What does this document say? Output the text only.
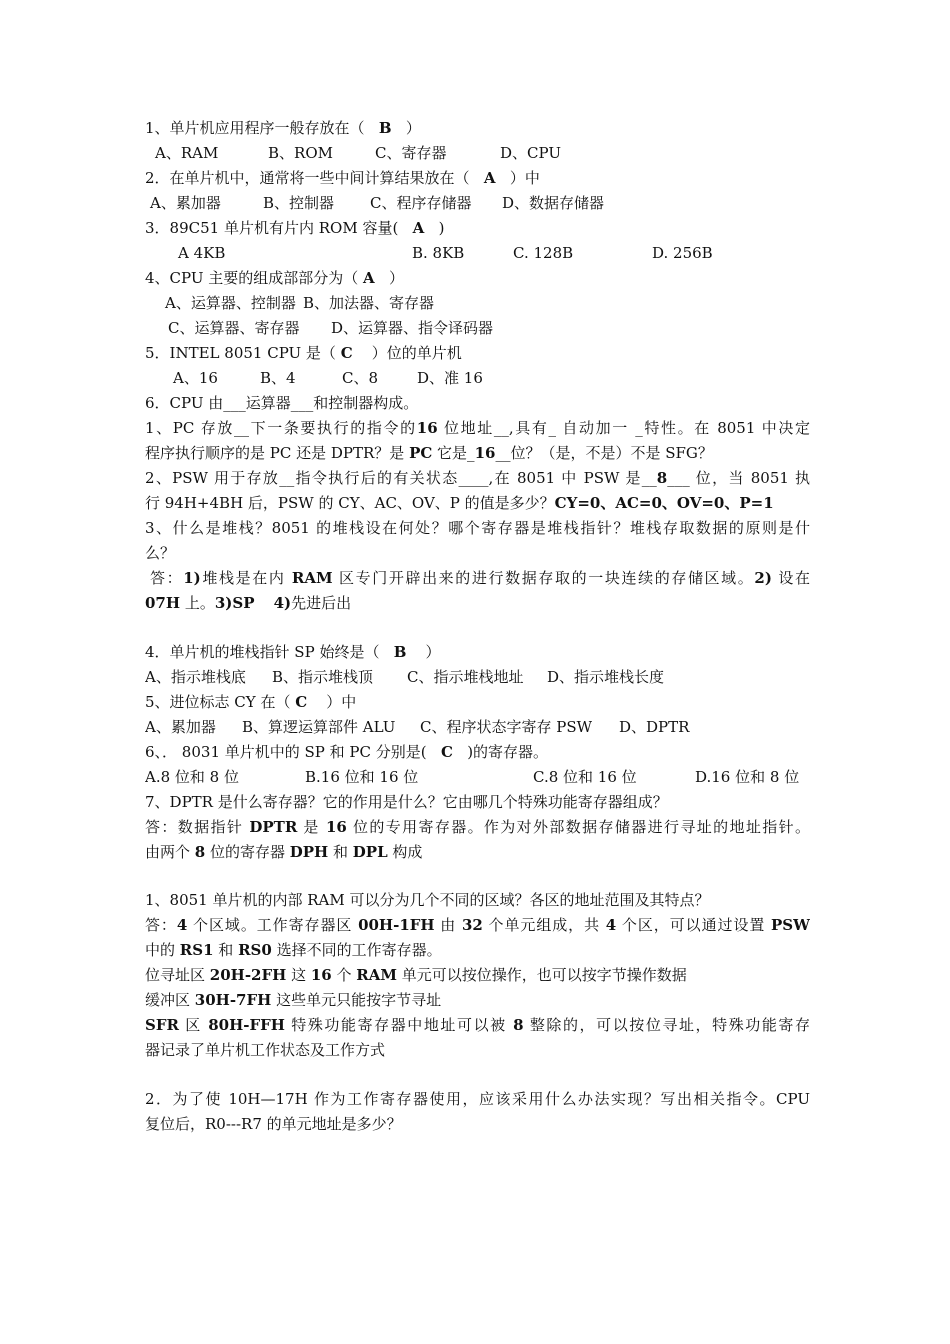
1、单片机应用程序一般存放在（ B ）
A、RAM	B、ROM	C、寄存器	D、CPU
2．在单片机中，通常将一些中间计算结果放在（ A ）中
A、累加器	B、控制器 C、程序存储器 D、数据存储器
3．89C51 单片机有片内 ROM 容量( A )
A 4KB	B. 8KB	C. 128B	D. 256B
4、CPU 主要的组成部部分为（ A ）
A、运算器、控制器 B、加法器、寄存器
C、运算器、寄存器 D、运算器、指令译码器
5．INTEL 8051 CPU 是（ C ）位的单片机
A、16	B、4	C、8	D、准 16
6．CPU 由___运算器___和控制器构成。
1、PC 存放__下一条要执行的指令的16 位地址__,具有_ 自动加一 _特性。在 8051 中决定
程序执行顺序的是 PC 还是 DPTR？是 PC 它是_16__位？（是，不是）不是 SFG？
2、PSW 用于存放__指令执行后的有关状态____,在 8051 中 PSW 是__8___ 位，当 8051 执
行 94H+4BH 后，PSW 的 CY、AC、OV、P 的值是多少？CY=0、AC=0、OV=0、P=1
3、什么是堆栈？8051 的堆栈设在何处？哪个寄存器是堆栈指针？堆栈存取数据的原则是什
么？
答：1)堆栈是在内 RAM 区专门开辟出来的进行数据存取的一块连续的存储区域。2) 设在
07H 上。3)SP 4)先进后出
4．单片机的堆栈指针 SP 始终是（ B ）
A、指示堆栈底 B、指示堆栈顶 C、指示堆栈地址 D、指示堆栈长度
5、进位标志 CY 在（ C ）中
A、累加器 B、算逻运算部件 ALU C、程序状态字寄存 PSW D、DPTR
6、． 8031 单片机中的 SP 和 PC 分别是( C )的寄存器。
A.8 位和 8 位	B.16 位和 16 位	C.8 位和 16 位	D.16 位和 8 位
7、DPTR 是什么寄存器？它的作用是什么？它由哪几个特殊功能寄存器组成？
答：数据指针 DPTR 是 16 位的专用寄存器。作为对外部数据存储器进行寻址的地址指针。
由两个 8 位的寄存器 DPH 和 DPL 构成
1、8051 单片机的内部 RAM 可以分为几个不同的区域？各区的地址范围及其特点？
答：4 个区域。工作寄存器区 00H-1FH 由 32 个单元组成，共 4 个区，可以通过设置 PSW
中的 RS1 和 RS0 选择不同的工作寄存器。
位寻址区 20H-2FH 这 16 个 RAM 单元可以按位操作，也可以按字节操作数据
缓冲区 30H-7FH 这些单元只能按字节寻址
SFR 区 80H-FFH 特殊功能寄存器中地址可以被 8 整除的，可以按位寻址，特殊功能寄存
器记录了单片机工作状态及工作方式
2．为了使 10H—17H 作为工作寄存器使用，应该采用什么办法实现？写出相关指令。CPU
复位后，R0---R7 的单元地址是多少？
